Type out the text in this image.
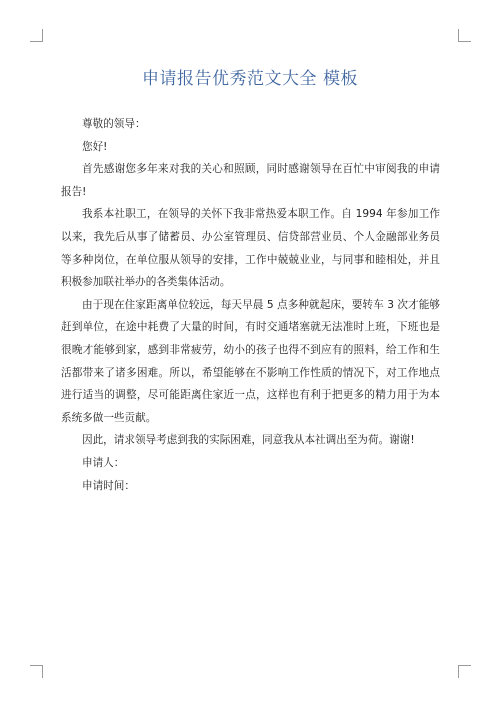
申请报告优秀范文大全 模板

尊敬的领导：

您好!

首先感谢您多年来对我的关心和照顾，同时感谢领导在百忙中审阅我的申请报告!

我系本社职工，在领导的关怀下我非常热爱本职工作。自 1994 年参加工作以来，我先后从事了储蓄员、办公室管理员、信贷部营业员、个人金融部业务员等多种岗位，在单位服从领导的安排，工作中兢兢业业，与同事和睦相处，并且积极参加联社举办的各类集体活动。

由于现在住家距离单位较远，每天早晨 5 点多种就起床，要转车 3 次才能够赶到单位，在途中耗费了大量的时间，有时交通堵塞就无法准时上班，下班也是很晚才能够到家，感到非常疲劳，幼小的孩子也得不到应有的照料，给工作和生活都带来了诸多困难。所以，希望能够在不影响工作性质的情况下，对工作地点进行适当的调整，尽可能距离住家近一点，这样也有利于把更多的精力用于为本系统多做一些贡献。

因此，请求领导考虑到我的实际困难，同意我从本社调出至为荷。谢谢!

申请人：

申请时间：
